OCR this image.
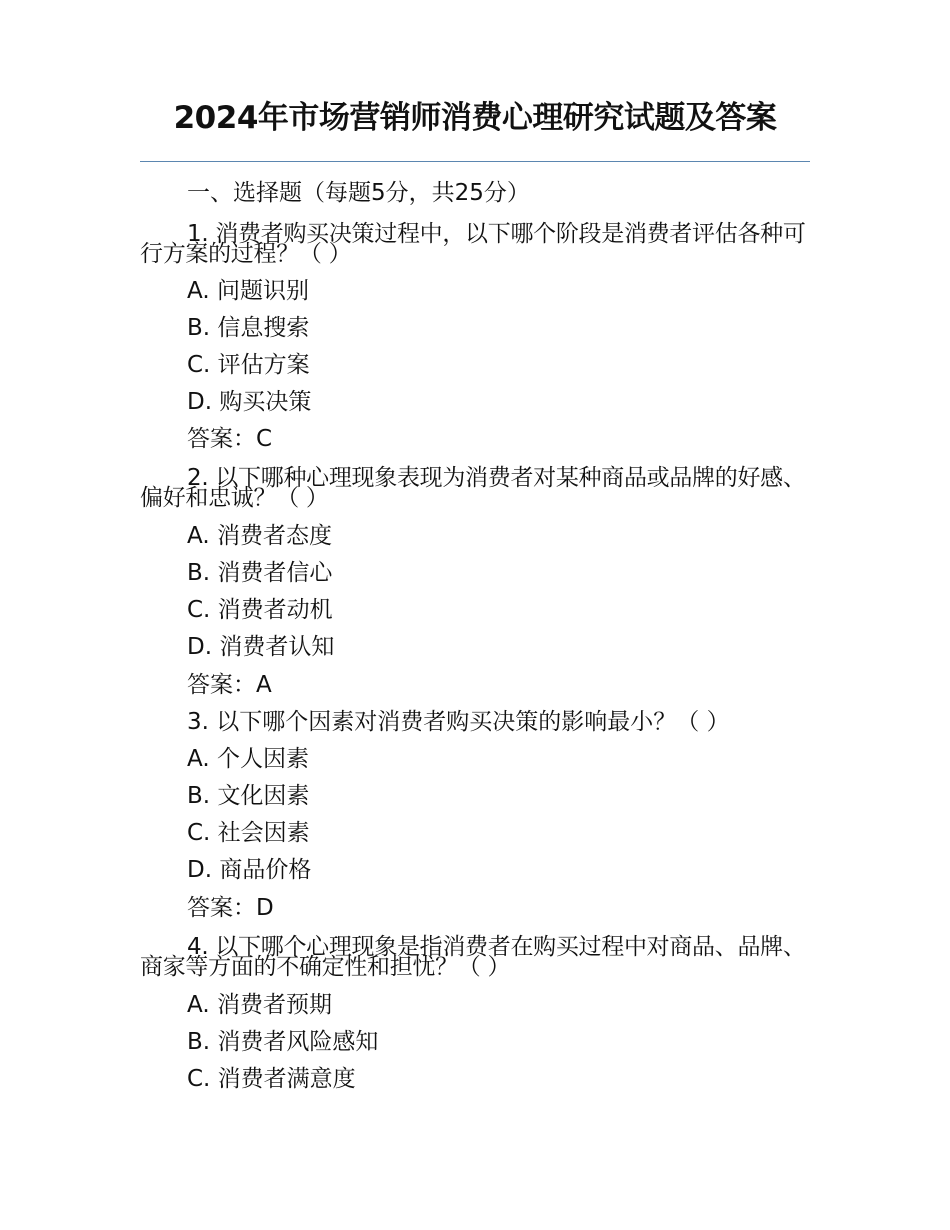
2024年市场营销师消费心理研究试题及答案
一、选择题（每题5分，共25分）
1. 消费者购买决策过程中，以下哪个阶段是消费者评估各种可行方案的过程？（ ）
A. 问题识别
B. 信息搜索
C. 评估方案
D. 购买决策
答案：C
2. 以下哪种心理现象表现为消费者对某种商品或品牌的好感、偏好和忠诚？（ ）
A. 消费者态度
B. 消费者信心
C. 消费者动机
D. 消费者认知
答案：A
3. 以下哪个因素对消费者购买决策的影响最小？（ ）
A. 个人因素
B. 文化因素
C. 社会因素
D. 商品价格
答案：D
4. 以下哪个心理现象是指消费者在购买过程中对商品、品牌、商家等方面的不确定性和担忧？（ ）
A. 消费者预期
B. 消费者风险感知
C. 消费者满意度
